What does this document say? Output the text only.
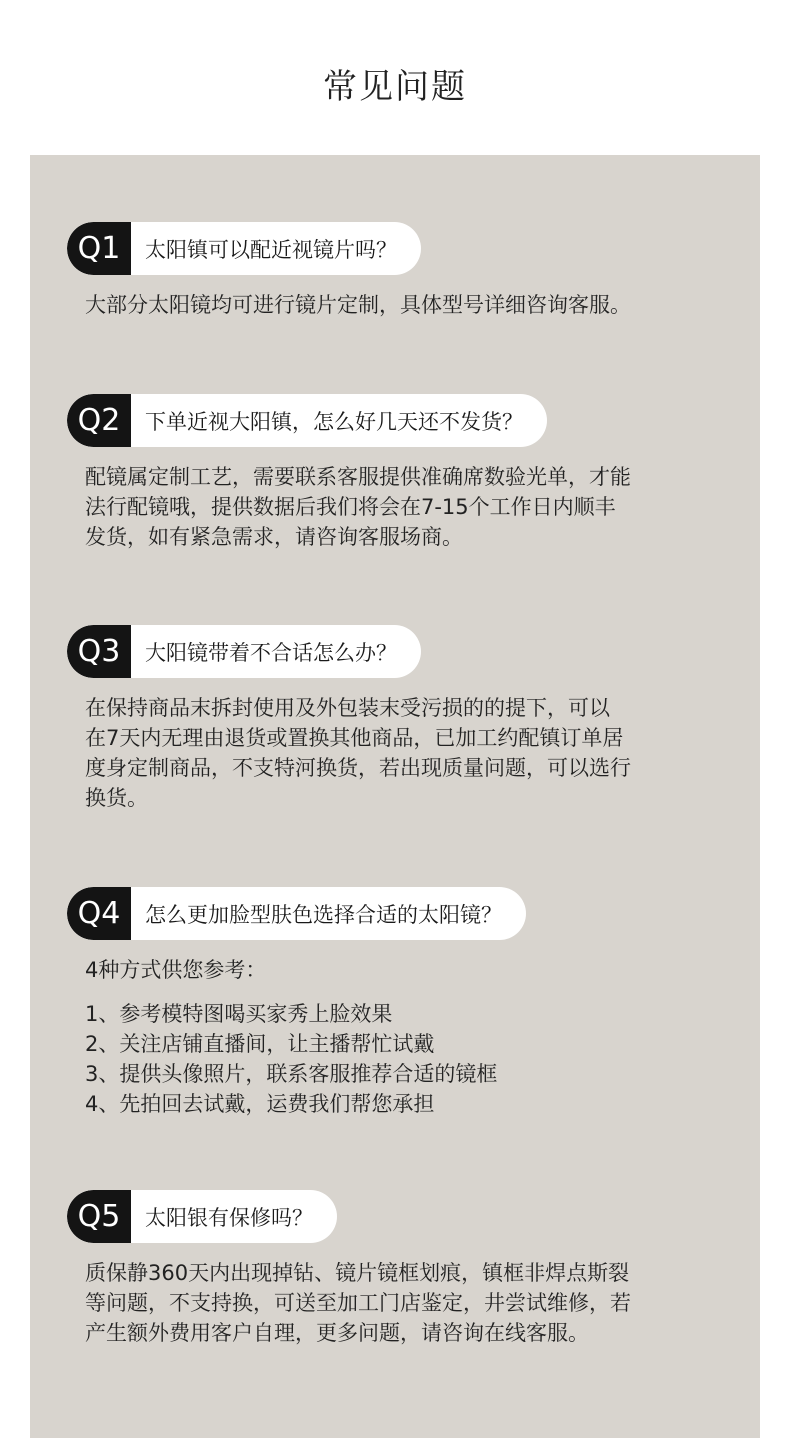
常见问题
Q1	太阳镇可以配近视镜片吗？

大部分太阳镜均可进行镜片定制，具体型号详细咨询客服。

Q2	下单近视大阳镇，怎么好几天还不发货？

配镜属定制工艺，需要联系客服提供准确席数验光单，才能

法行配镜哦，提供数据后我们将会在7-15个工作日内顺丰

发货，如有紧急需求，请咨询客服场商。

Q3	大阳镜带着不合话怎么办？

在保持商品末拆封使用及外包装末受污损的的提下，可以

在7天内无理由退货或置换其他商品，已加工约配镇订单居

度身定制商品，不支特河换货，若出现质量问题，可以选行

换货。

Q4	怎么更加脸型肤色选择合适的太阳镜？

4种方式供您参考：

1、参考模特图喝买家秀上脸效果

2、关注店铺直播间，让主播帮忙试戴

3、提供头像照片，联系客服推荐合适的镜框

4、先拍回去试戴，运费我们帮您承担

Q5	太阳银有保修吗？

质保静360天内出现掉钻、镜片镜框划痕，镇框非焊点斯裂

等问题，不支持换，可送至加工门店鉴定，井尝试维修，若

产生额外费用客户自理，更多问题，请咨询在线客服。
